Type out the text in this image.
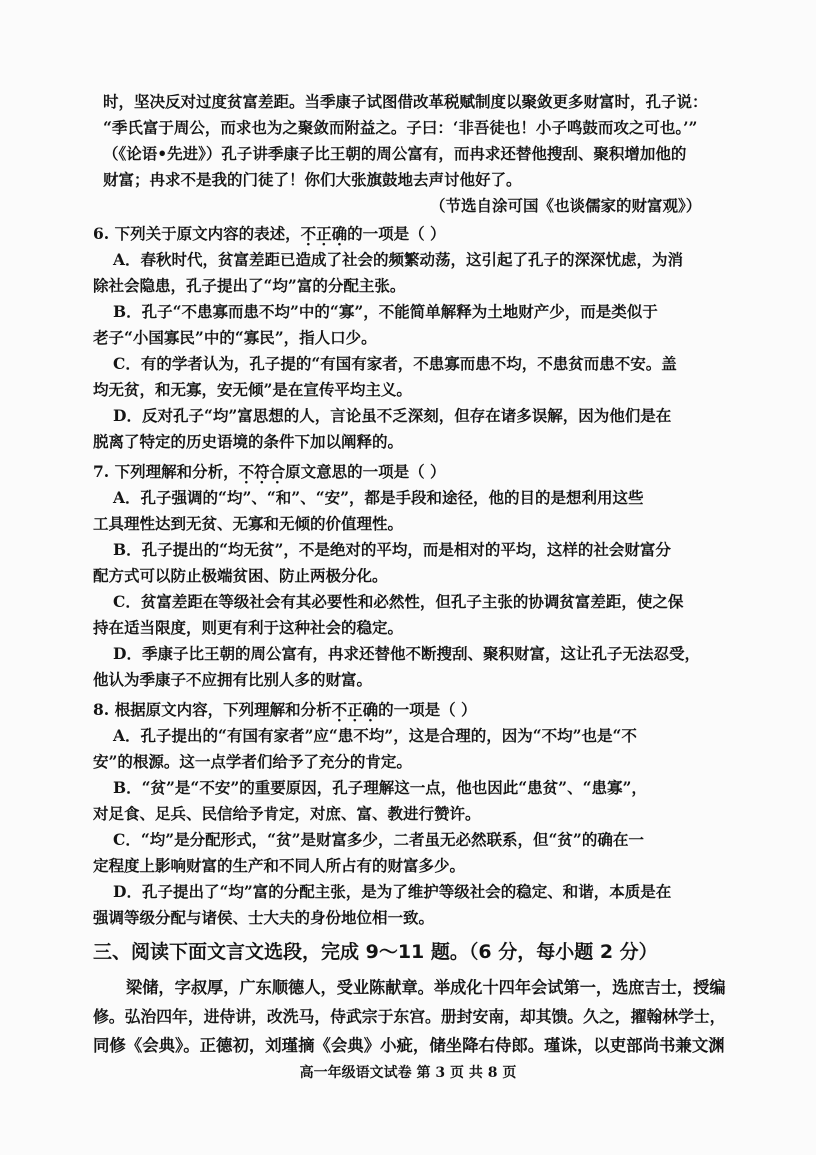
时，坚决反对过度贫富差距。当季康子试图借改革税赋制度以聚敛更多财富时，孔子说：
“季氏富于周公，而求也为之聚敛而附益之。子曰：‘非吾徒也！小子鸣鼓而攻之可也。’”
（《论语•先进》）孔子讲季康子比王朝的周公富有，而冉求还替他搜刮、聚积增加他的
财富；冉求不是我的门徒了！你们大张旗鼓地去声讨他好了。
（节选自涂可国《也谈儒家的财富观》）
6. 下列关于原文内容的表述，不正确的一项是（ ）
A．春秋时代，贫富差距已造成了社会的频繁动荡，这引起了孔子的深深忧虑，为消
除社会隐患，孔子提出了“均”富的分配主张。
B．孔子“不患寡而患不均”中的“寡”，不能简单解释为土地财产少，而是类似于
老子“小国寡民”中的“寡民”，指人口少。
C．有的学者认为，孔子提的“有国有家者，不患寡而患不均，不患贫而患不安。盖
均无贫，和无寡，安无倾”是在宣传平均主义。
D．反对孔子“均”富思想的人，言论虽不乏深刻，但存在诸多误解，因为他们是在
脱离了特定的历史语境的条件下加以阐释的。
7. 下列理解和分析，不符合原文意思的一项是（ ）
A．孔子强调的“均”、“和”、“安”，都是手段和途径，他的目的是想利用这些
工具理性达到无贫、无寡和无倾的价值理性。
B．孔子提出的“均无贫”，不是绝对的平均，而是相对的平均，这样的社会财富分
配方式可以防止极端贫困、防止两极分化。
C．贫富差距在等级社会有其必要性和必然性，但孔子主张的协调贫富差距，使之保
持在适当限度，则更有利于这种社会的稳定。
D．季康子比王朝的周公富有，冉求还替他不断搜刮、聚积财富，这让孔子无法忍受，
他认为季康子不应拥有比别人多的财富。
8. 根据原文内容，下列理解和分析不正确的一项是（ ）
A．孔子提出的“有国有家者”应“患不均”，这是合理的，因为“不均”也是“不
安”的根源。这一点学者们给予了充分的肯定。
B．“贫”是“不安”的重要原因，孔子理解这一点，他也因此“患贫”、“患寡”，
对足食、足兵、民信给予肯定，对庶、富、教进行赞许。
C．“均”是分配形式，“贫”是财富多少，二者虽无必然联系，但“贫”的确在一
定程度上影响财富的生产和不同人所占有的财富多少。
D．孔子提出了“均”富的分配主张，是为了维护等级社会的稳定、和谐，本质是在
强调等级分配与诸侯、士大夫的身份地位相一致。
三、阅读下面文言文选段，完成 9～11 题。（6 分，每小题 2 分）
梁储，字叔厚，广东顺德人，受业陈献章。举成化十四年会试第一，选庶吉士，授编
修。弘治四年，进侍讲，改洗马，侍武宗于东宫。册封安南，却其馈。久之，擢翰林学士，
同修《会典》。正德初，刘瑾摘《会典》小疵，储坐降右侍郎。瑾诛，以吏部尚书兼文渊
高一年级语文试卷 第 3 页 共 8 页
